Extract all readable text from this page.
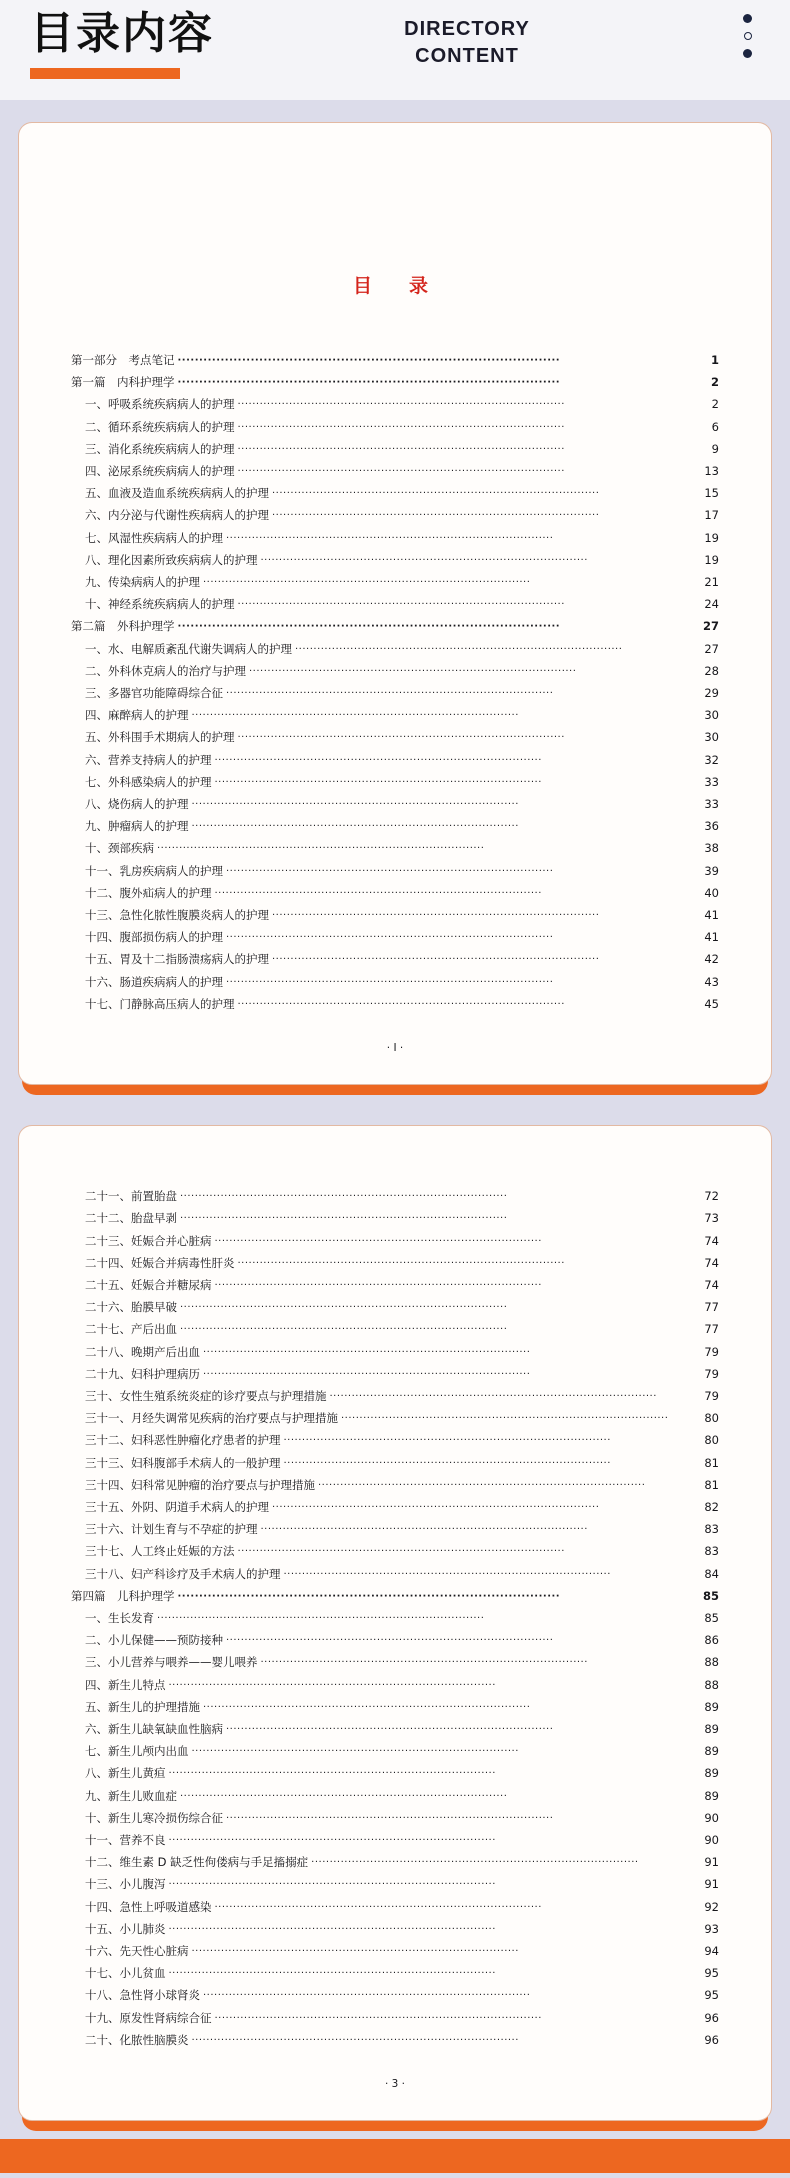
目录内容	DIRECTORY
CONTENT
目　录
第一部分　考点笔记 ·························································································	1
第一篇　内科护理学 ·························································································	2
一、呼吸系统疾病病人的护理 ·························································································	2
二、循环系统疾病病人的护理 ·························································································	6
三、消化系统疾病病人的护理 ·························································································	9
四、泌尿系统疾病病人的护理 ·························································································	13
五、血液及造血系统疾病病人的护理 ·························································································	15
六、内分泌与代谢性疾病病人的护理 ·························································································	17
七、风湿性疾病病人的护理 ·························································································	19
八、理化因素所致疾病病人的护理 ·························································································	19
九、传染病病人的护理 ·························································································	21
十、神经系统疾病病人的护理 ·························································································	24
第二篇　外科护理学 ·························································································	27
一、水、电解质紊乱代谢失调病人的护理 ·························································································	27
二、外科休克病人的治疗与护理 ·························································································	28
三、多器官功能障碍综合征 ·························································································	29
四、麻醉病人的护理 ·························································································	30
五、外科围手术期病人的护理 ·························································································	30
六、营养支持病人的护理 ·························································································	32
七、外科感染病人的护理 ·························································································	33
八、烧伤病人的护理 ·························································································	33
九、肿瘤病人的护理 ·························································································	36
十、颈部疾病 ·························································································	38
十一、乳房疾病病人的护理 ·························································································	39
十二、腹外疝病人的护理 ·························································································	40
十三、急性化脓性腹膜炎病人的护理 ·························································································	41
十四、腹部损伤病人的护理 ·························································································	41
十五、胃及十二指肠溃疡病人的护理 ·························································································	42
十六、肠道疾病病人的护理 ·························································································	43
十七、门静脉高压病人的护理 ·························································································	45
· I ·
二十一、前置胎盘 ·························································································	72
二十二、胎盘早剥 ·························································································	73
二十三、妊娠合并心脏病 ·························································································	74
二十四、妊娠合并病毒性肝炎 ·························································································	74
二十五、妊娠合并糖尿病 ·························································································	74
二十六、胎膜早破 ·························································································	77
二十七、产后出血 ·························································································	77
二十八、晚期产后出血 ·························································································	79
二十九、妇科护理病历 ·························································································	79
三十、女性生殖系统炎症的诊疗要点与护理措施 ·························································································	79
三十一、月经失调常见疾病的治疗要点与护理措施 ·························································································	80
三十二、妇科恶性肿瘤化疗患者的护理 ·························································································	80
三十三、妇科腹部手术病人的一般护理 ·························································································	81
三十四、妇科常见肿瘤的治疗要点与护理措施 ·························································································	81
三十五、外阴、阴道手术病人的护理 ·························································································	82
三十六、计划生育与不孕症的护理 ·························································································	83
三十七、人工终止妊娠的方法 ·························································································	83
三十八、妇产科诊疗及手术病人的护理 ·························································································	84
第四篇　儿科护理学 ·························································································	85
一、生长发育 ·························································································	85
二、小儿保健——预防接种 ·························································································	86
三、小儿营养与喂养——婴儿喂养 ·························································································	88
四、新生儿特点 ·························································································	88
五、新生儿的护理措施 ·························································································	89
六、新生儿缺氧缺血性脑病 ·························································································	89
七、新生儿颅内出血 ·························································································	89
八、新生儿黄疸 ·························································································	89
九、新生儿败血症 ·························································································	89
十、新生儿寒冷损伤综合征 ·························································································	90
十一、营养不良 ·························································································	90
十二、维生素 D 缺乏性佝偻病与手足搐搦症 ·························································································	91
十三、小儿腹泻 ·························································································	91
十四、急性上呼吸道感染 ·························································································	92
十五、小儿肺炎 ·························································································	93
十六、先天性心脏病 ·························································································	94
十七、小儿贫血 ·························································································	95
十八、急性肾小球肾炎 ·························································································	95
十九、原发性肾病综合征 ·························································································	96
二十、化脓性脑膜炎 ·························································································	96
· 3 ·
